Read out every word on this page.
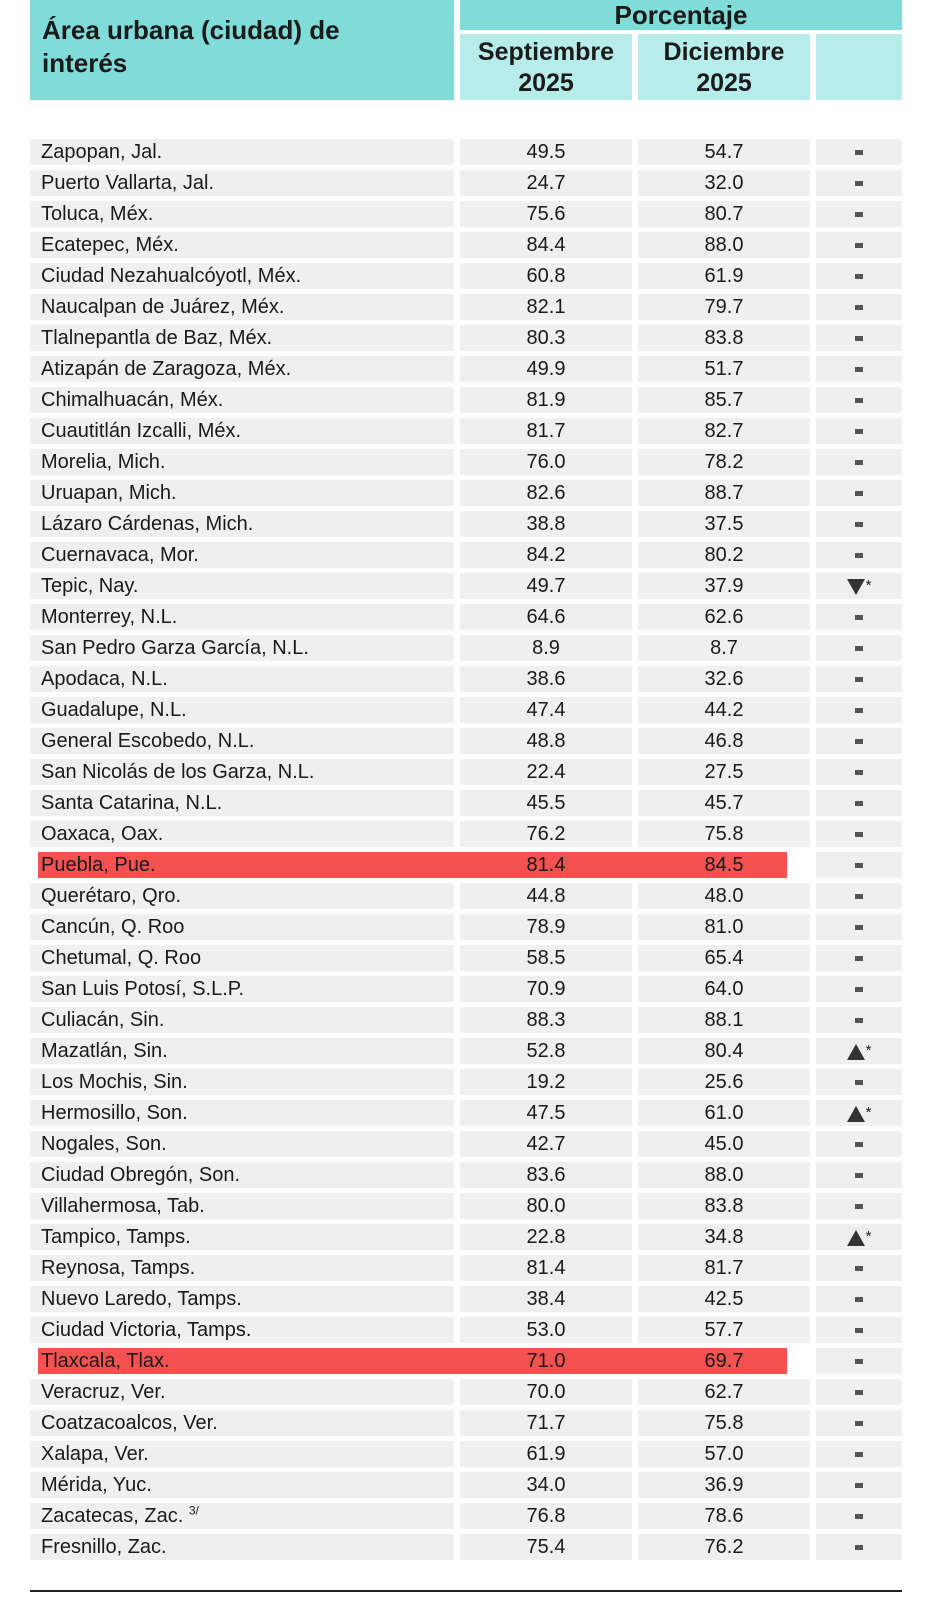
Área urbana (ciudad) de
interés
Porcentaje
Septiembre
2025
Diciembre
2025
Zapopan, Jal.	49.5	54.7
Puerto Vallarta, Jal.	24.7	32.0
Toluca, Méx.	75.6	80.7
Ecatepec, Méx.	84.4	88.0
Ciudad Nezahualcóyotl, Méx.	60.8	61.9
Naucalpan de Juárez, Méx.	82.1	79.7
Tlalnepantla de Baz, Méx.	80.3	83.8
Atizapán de Zaragoza, Méx.	49.9	51.7
Chimalhuacán, Méx.	81.9	85.7
Cuautitlán Izcalli, Méx.	81.7	82.7
Morelia, Mich.	76.0	78.2
Uruapan, Mich.	82.6	88.7
Lázaro Cárdenas, Mich.	38.8	37.5
Cuernavaca, Mor.	84.2	80.2
Tepic, Nay.	49.7	37.9	*
Monterrey, N.L.	64.6	62.6
San Pedro Garza García, N.L.	8.9	8.7
Apodaca, N.L.	38.6	32.6
Guadalupe, N.L.	47.4	44.2
General Escobedo, N.L.	48.8	46.8
San Nicolás de los Garza, N.L.	22.4	27.5
Santa Catarina, N.L.	45.5	45.7
Oaxaca, Oax.	76.2	75.8
Puebla, Pue.	81.4	84.5
Querétaro, Qro.	44.8	48.0
Cancún, Q. Roo	78.9	81.0
Chetumal, Q. Roo	58.5	65.4
San Luis Potosí, S.L.P.	70.9	64.0
Culiacán, Sin.	88.3	88.1
Mazatlán, Sin.	52.8	80.4	*
Los Mochis, Sin.	19.2	25.6
Hermosillo, Son.	47.5	61.0	*
Nogales, Son.	42.7	45.0
Ciudad Obregón, Son.	83.6	88.0
Villahermosa, Tab.	80.0	83.8
Tampico, Tamps.	22.8	34.8	*
Reynosa, Tamps.	81.4	81.7
Nuevo Laredo, Tamps.	38.4	42.5
Ciudad Victoria, Tamps.	53.0	57.7
Tlaxcala, Tlax.	71.0	69.7
Veracruz, Ver.	70.0	62.7
Coatzacoalcos, Ver.	71.7	75.8
Xalapa, Ver.	61.9	57.0
Mérida, Yuc.	34.0	36.9
Zacatecas, Zac. $^{3/}$	76.8	78.6
Fresnillo, Zac.	75.4	76.2
